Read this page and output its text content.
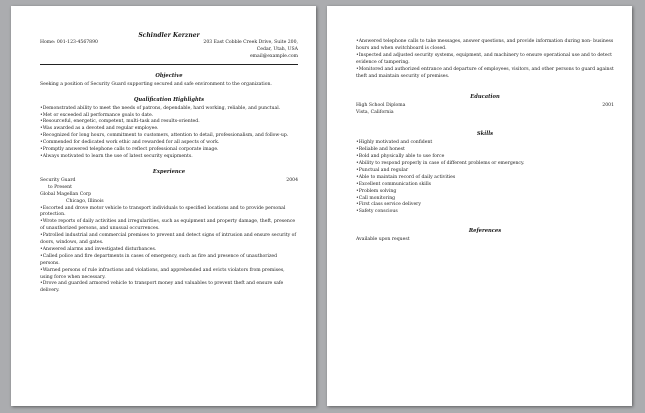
Schindler Kerzner
Home: 001-123-4567890	203 East Cobble Creek Drive, Suite 200,
Cedar, Utah, USA
email@example.com
Objective
Seeking a position of Security Guard supporting secured and safe environment to the organization.
Qualification Highlights
•Demonstrated ability to meet the needs of patrons, dependable, hard working, reliable, and punctual.
•Met or exceeded all performance goals to date.
•Resourceful, energetic, competent, multi-task and results-oriented.
•Was awarded as a devoted and regular employee.
•Recognized for long hours, commitment to customers, attention to detail, professionalism, and follow-up.
•Commended for dedicated work ethic and rewarded for all aspects of work.
•Promptly answered telephone calls to reflect professional corporate image.
•Always motivated to learn the use of latest security equipments.
Experience
Security Guard	2004
to Present
Global Magellan Corp
Chicago, Illinois
•Escorted and drove motor vehicle to transport individuals to specified locations and to provide personal protection.
•Wrote reports of daily activities and irregularities, such as equipment and property damage, theft, presence of unauthorized persons, and unusual occurrences.
•Patrolled industrial and commercial premises to prevent and detect signs of intrusion and ensure security of doors, windows, and gates.
•Answered alarms and investigated disturbances.
•Called police and fire departments in cases of emergency, such as fire and presence of unauthorized persons.
•Warned persons of rule infractions and violations, and apprehended and evicts violators from premises, using force when necessary.
•Drove and guarded armored vehicle to transport money and valuables to prevent theft and ensure safe delivery.
•Answered telephone calls to take messages, answer questions, and provide information during non- business hours and when switchboard is closed.
•Inspected and adjusted security systems, equipment, and machinery to ensure operational use and to detect evidence of tampering.
•Monitored and authorized entrance and departure of employees, visitors, and other persons to guard against theft and maintain security of premises.
Education
High School Diploma	2001
Vista, California
Skills
•Highly motivated and confident
•Reliable and honest
•Bold and physically able to use force
•Ability to respond properly in case of different problems or emergency.
•Punctual and regular
•Able to maintain record of daily activities
•Excellent communication skills
•Problem solving
•Call monitoring
•First class service delivery
•Safety conscious
References
Available upon request
